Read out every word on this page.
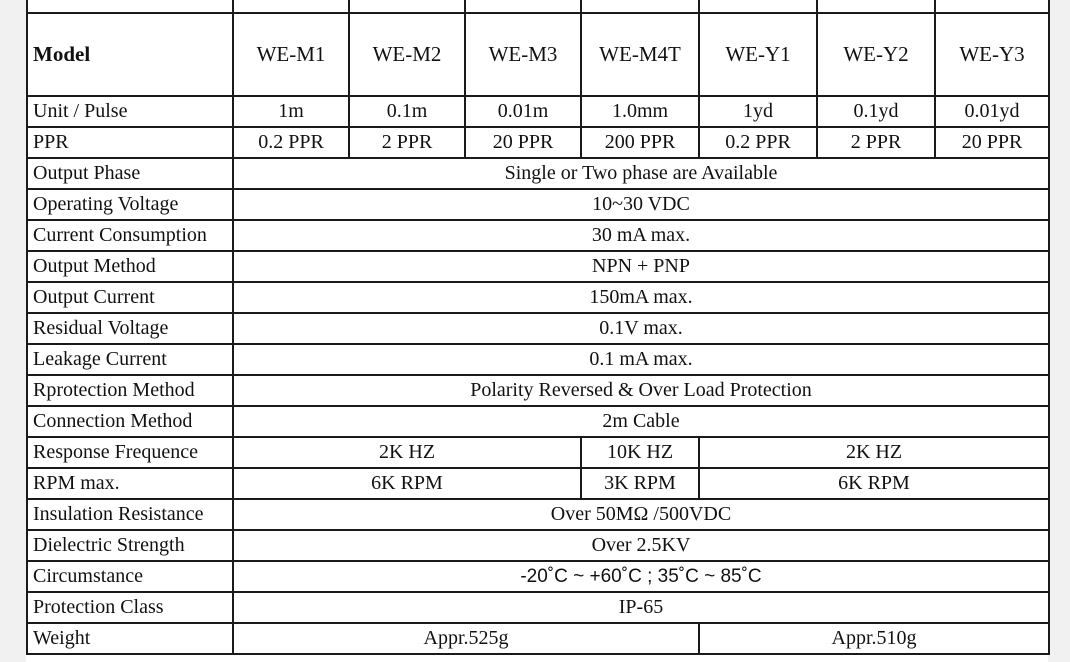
Model	WE-M1	WE-M2	WE-M3	WE-M4T	WE-Y1	WE-Y2	WE-Y3
Unit / Pulse	1m	0.1m	0.01m	1.0mm	1yd	0.1yd	0.01yd
PPR	0.2 PPR	2 PPR	20 PPR	200 PPR	0.2 PPR	2 PPR	20 PPR
Output Phase	Single or Two phase are Available						
Operating Voltage	10~30 VDC						
Current Consumption	30 mA max.						
Output Method	NPN + PNP						
Output Current	150mA max.						
Residual Voltage	0.1V max.						
Leakage Current	0.1 mA max.						
Rprotection Method	Polarity Reversed & Over Load Protection						
Connection Method	2m Cable						
Response Frequence	2K HZ			10K HZ	2K HZ		
RPM max.	6K RPM			3K RPM	6K RPM		
Insulation Resistance	Over 50MΩ /500VDC						
Dielectric Strength	Over 2.5KV						
Circumstance	-20˚C ~ +60˚C ; 35˚C ~ 85˚C						
Protection Class	IP-65						
Weight	Appr.525g				Appr.510g		
